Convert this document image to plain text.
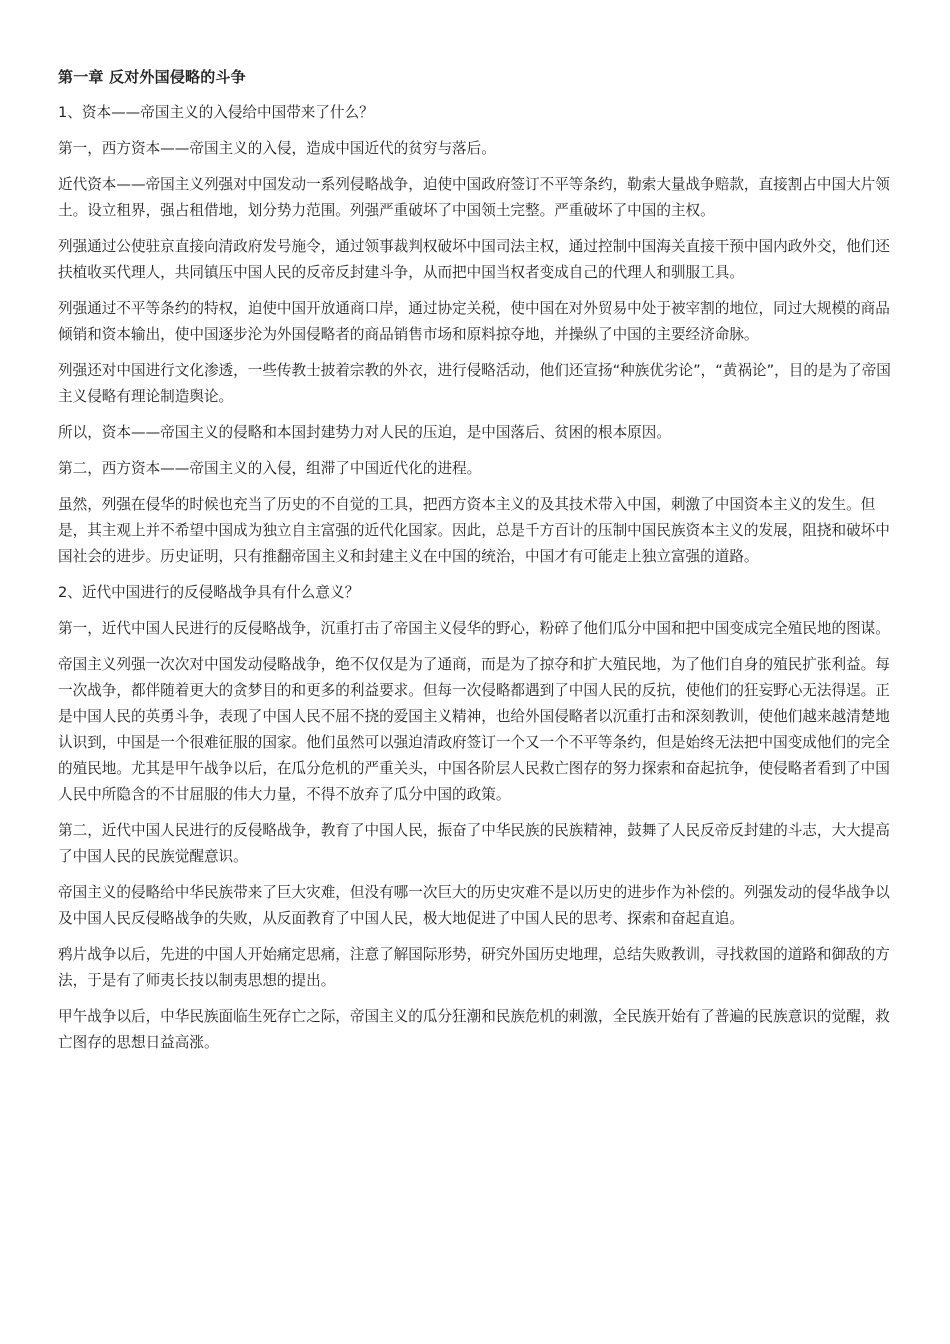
第一章 反对外国侵略的斗争
1、资本——帝国主义的入侵给中国带来了什么？
第一，西方资本——帝国主义的入侵，造成中国近代的贫穷与落后。
近代资本——帝国主义列强对中国发动一系列侵略战争，迫使中国政府签订不平等条约，勒索大量战争赔款，直接割占中国大片领土。设立租界，强占租借地，划分势力范围。列强严重破坏了中国领土完整。严重破坏了中国的主权。
列强通过公使驻京直接向清政府发号施令，通过领事裁判权破坏中国司法主权，通过控制中国海关直接干预中国内政外交，他们还扶植收买代理人，共同镇压中国人民的反帝反封建斗争，从而把中国当权者变成自己的代理人和驯服工具。
列强通过不平等条约的特权，迫使中国开放通商口岸，通过协定关税，使中国在对外贸易中处于被宰割的地位，同过大规模的商品倾销和资本输出，使中国逐步沦为外国侵略者的商品销售市场和原料掠夺地，并操纵了中国的主要经济命脉。
列强还对中国进行文化渗透，一些传教士披着宗教的外衣，进行侵略活动，他们还宣扬“种族优劣论”，“黄祸论”，目的是为了帝国主义侵略有理论制造舆论。
所以，资本——帝国主义的侵略和本国封建势力对人民的压迫，是中国落后、贫困的根本原因。
第二，西方资本——帝国主义的入侵，组滞了中国近代化的进程。
虽然，列强在侵华的时候也充当了历史的不自觉的工具，把西方资本主义的及其技术带入中国，刺激了中国资本主义的发生。但是，其主观上并不希望中国成为独立自主富强的近代化国家。因此，总是千方百计的压制中国民族资本主义的发展，阻挠和破坏中国社会的进步。历史证明，只有推翻帝国主义和封建主义在中国的统治，中国才有可能走上独立富强的道路。
2、近代中国进行的反侵略战争具有什么意义？
第一，近代中国人民进行的反侵略战争，沉重打击了帝国主义侵华的野心，粉碎了他们瓜分中国和把中国变成完全殖民地的图谋。
帝国主义列强一次次对中国发动侵略战争，绝不仅仅是为了通商，而是为了掠夺和扩大殖民地，为了他们自身的殖民扩张利益。每一次战争，都伴随着更大的贪梦目的和更多的利益要求。但每一次侵略都遇到了中国人民的反抗，使他们的狂妄野心无法得逞。正是中国人民的英勇斗争，表现了中国人民不屈不挠的爱国主义精神，也给外国侵略者以沉重打击和深刻教训，使他们越来越清楚地认识到，中国是一个很难征服的国家。他们虽然可以强迫清政府签订一个又一个不平等条约，但是始终无法把中国变成他们的完全的殖民地。尤其是甲午战争以后，在瓜分危机的严重关头，中国各阶层人民救亡图存的努力探索和奋起抗争，使侵略者看到了中国人民中所隐含的不甘屈服的伟大力量，不得不放弃了瓜分中国的政策。
第二，近代中国人民进行的反侵略战争，教育了中国人民，振奋了中华民族的民族精神，鼓舞了人民反帝反封建的斗志，大大提高了中国人民的民族觉醒意识。
帝国主义的侵略给中华民族带来了巨大灾难，但没有哪一次巨大的历史灾难不是以历史的进步作为补偿的。列强发动的侵华战争以及中国人民反侵略战争的失败，从反面教育了中国人民，极大地促进了中国人民的思考、探索和奋起直追。
鸦片战争以后，先进的中国人开始痛定思痛，注意了解国际形势，研究外国历史地理，总结失败教训，寻找救国的道路和御敌的方法，于是有了师夷长技以制夷思想的提出。
甲午战争以后，中华民族面临生死存亡之际，帝国主义的瓜分狂潮和民族危机的刺激，全民族开始有了普遍的民族意识的觉醒，救亡图存的思想日益高涨。
